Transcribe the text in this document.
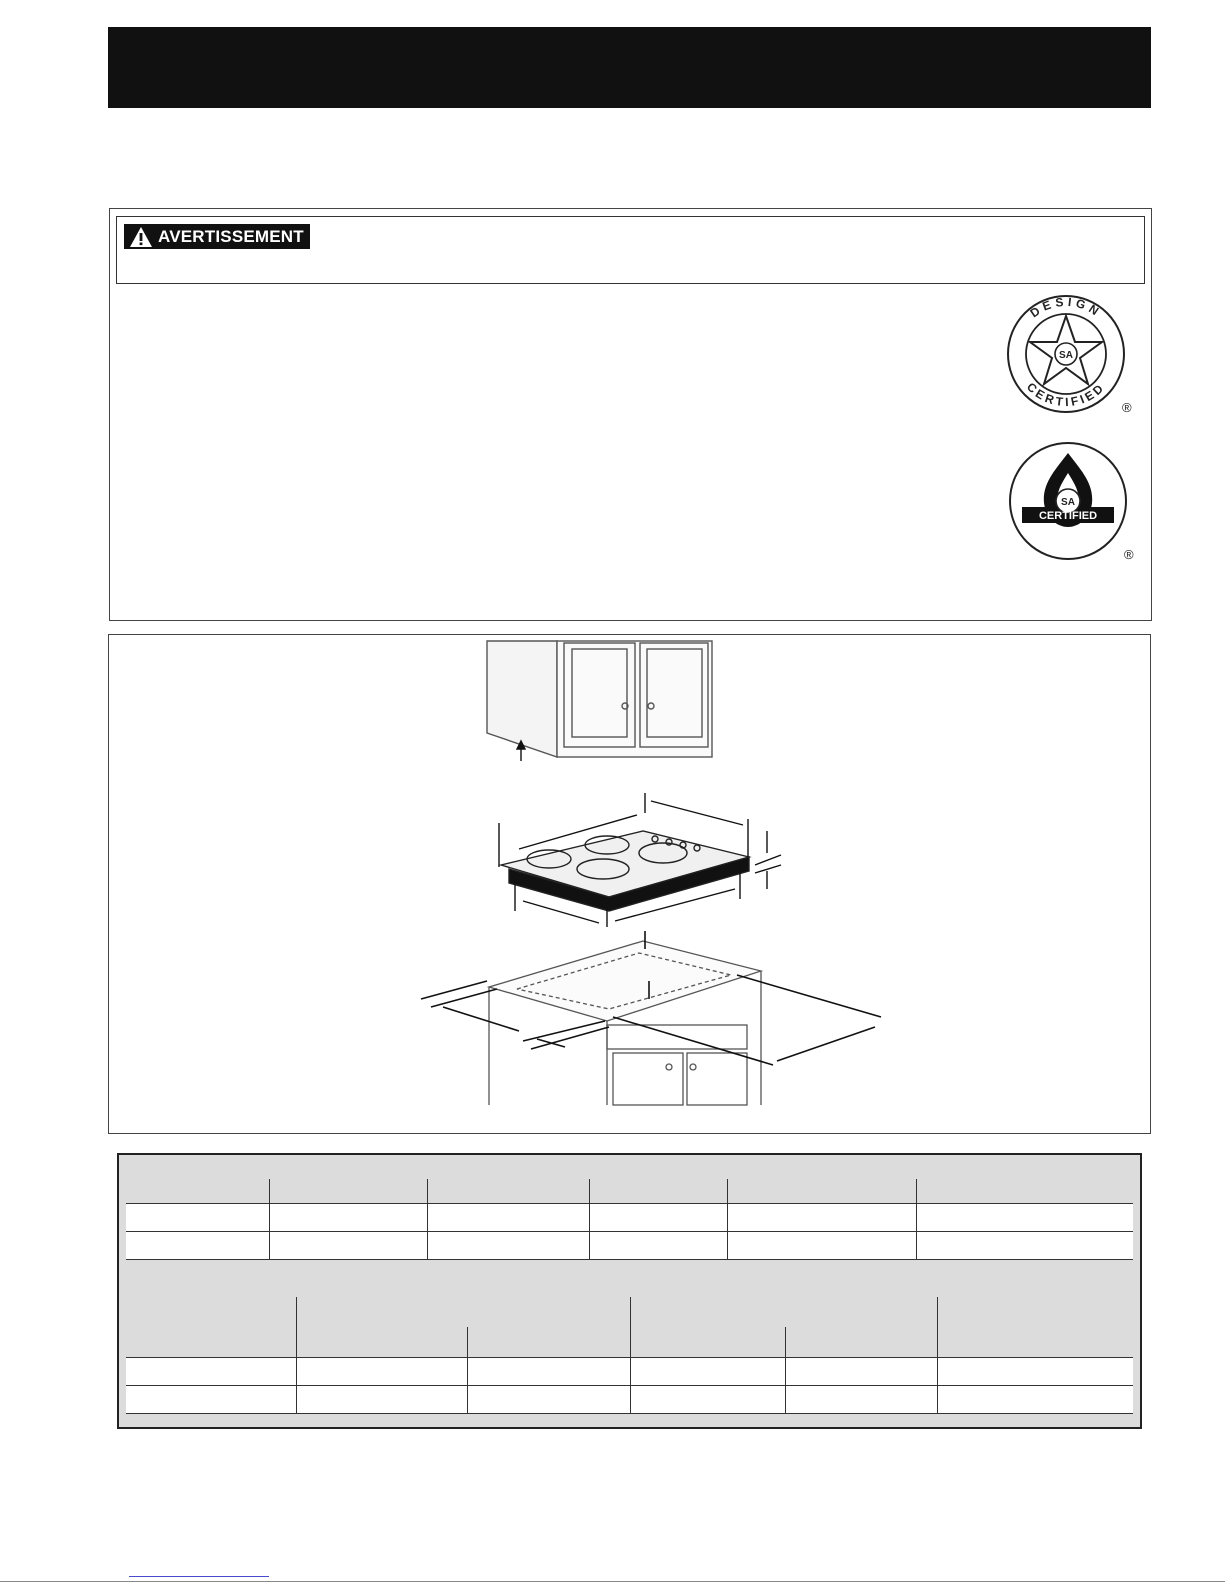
AVERTISSEMENT
SA
DESIGN
CERTIFIED
®
SA
CERTIFIED
®
